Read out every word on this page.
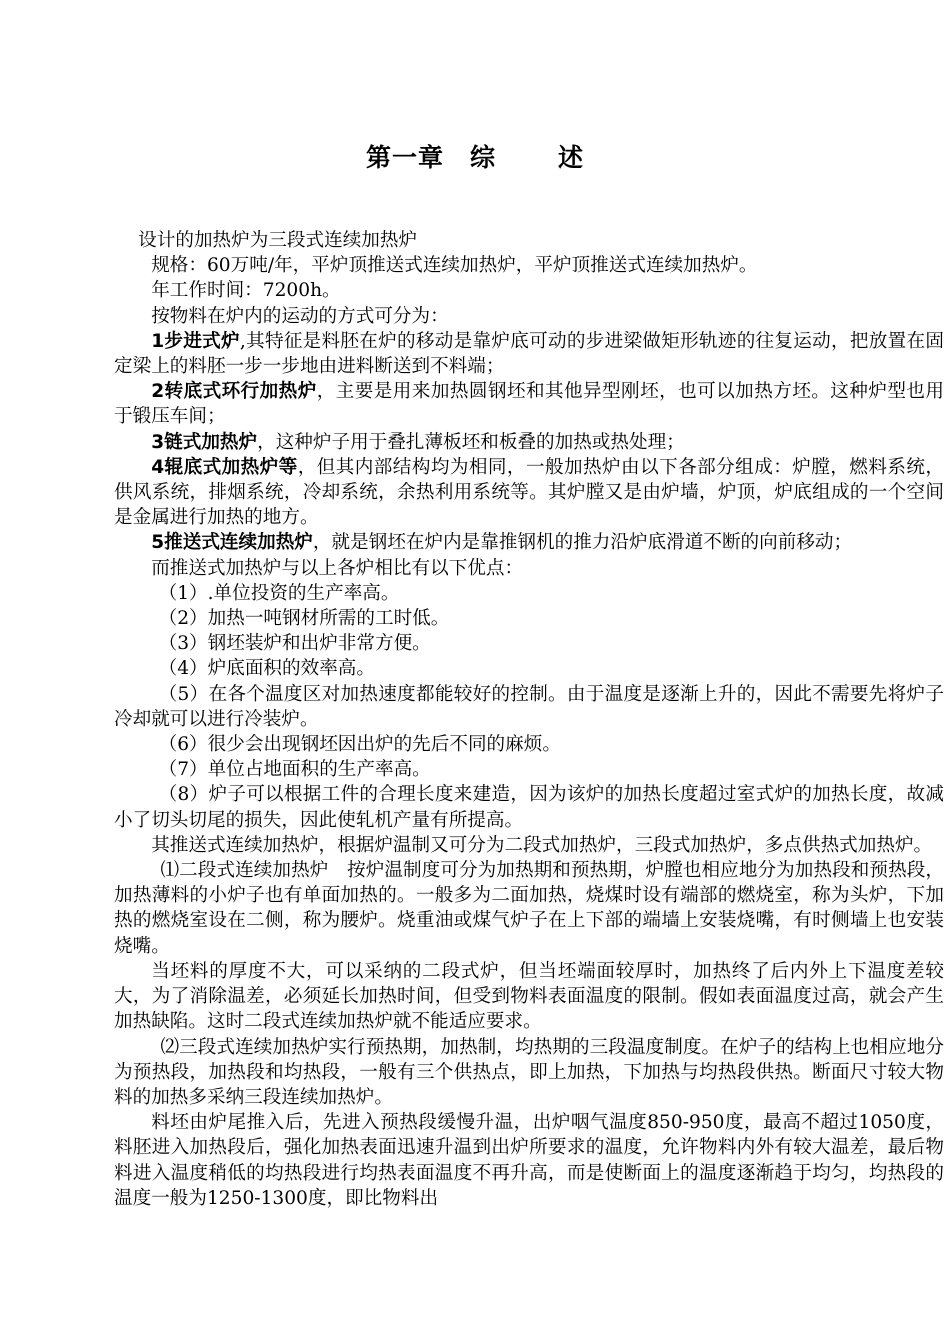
第一章 综 述

设计的加热炉为三段式连续加热炉

规格：60万吨/年，平炉顶推送式连续加热炉，平炉顶推送式连续加热炉。

年工作时间：7200h。

按物料在炉内的运动的方式可分为：

1步进式炉,其特征是料胚在炉的移动是靠炉底可动的步进梁做矩形轨迹的往复运动，把放置在固定梁上的料胚一步一步地由进料断送到不料端；

2转底式环行加热炉，主要是用来加热圆钢坯和其他异型刚坯，也可以加热方坯。这种炉型也用于锻压车间；

3链式加热炉，这种炉子用于叠扎薄板坯和板叠的加热或热处理；

4辊底式加热炉等，但其内部结构均为相同，一般加热炉由以下各部分组成：炉膛，燃料系统，供风系统，排烟系统，冷却系统，余热利用系统等。其炉膛又是由炉墙，炉顶，炉底组成的一个空间是金属进行加热的地方。

5推送式连续加热炉，就是钢坯在炉内是靠推钢机的推力沿炉底滑道不断的向前移动；

而推送式加热炉与以上各炉相比有以下优点：

（1）.单位投资的生产率高。

（2）加热一吨钢材所需的工时低。

（3）钢坯装炉和出炉非常方便。

（4）炉底面积的效率高。

（5）在各个温度区对加热速度都能较好的控制。由于温度是逐渐上升的，因此不需要先将炉子冷却就可以进行冷装炉。

（6）很少会出现钢坯因出炉的先后不同的麻烦。

（7）单位占地面积的生产率高。

（8）炉子可以根据工件的合理长度来建造，因为该炉的加热长度超过室式炉的加热长度，故减小了切头切尾的损失，因此使轧机产量有所提高。

其推送式连续加热炉，根据炉温制又可分为二段式加热炉，三段式加热炉，多点供热式加热炉。

⑴二段式连续加热炉　按炉温制度可分为加热期和预热期，炉膛也相应地分为加热段和预热段，加热薄料的小炉子也有单面加热的。一般多为二面加热，烧煤时设有端部的燃烧室，称为头炉，下加热的燃烧室设在二侧，称为腰炉。烧重油或煤气炉子在上下部的端墙上安装烧嘴，有时侧墙上也安装烧嘴。

当坯料的厚度不大，可以采纳的二段式炉，但当坯端面较厚时，加热终了后内外上下温度差较大，为了消除温差，必须延长加热时间，但受到物料表面温度的限制。假如表面温度过高，就会产生加热缺陷。这时二段式连续加热炉就不能适应要求。

⑵三段式连续加热炉实行预热期，加热制，均热期的三段温度制度。在炉子的结构上也相应地分为预热段，加热段和均热段，一般有三个供热点，即上加热，下加热与均热段供热。断面尺寸较大物料的加热多采纳三段连续加热炉。

料坯由炉尾推入后，先进入预热段缓慢升温，出炉咽气温度850-950度，最高不超过1050度，料胚进入加热段后，强化加热表面迅速升温到出炉所要求的温度，允许物料内外有较大温差，最后物料进入温度稍低的均热段进行均热表面温度不再升高，而是使断面上的温度逐渐趋于均匀，均热段的温度一般为1250-1300度，即比物料出
